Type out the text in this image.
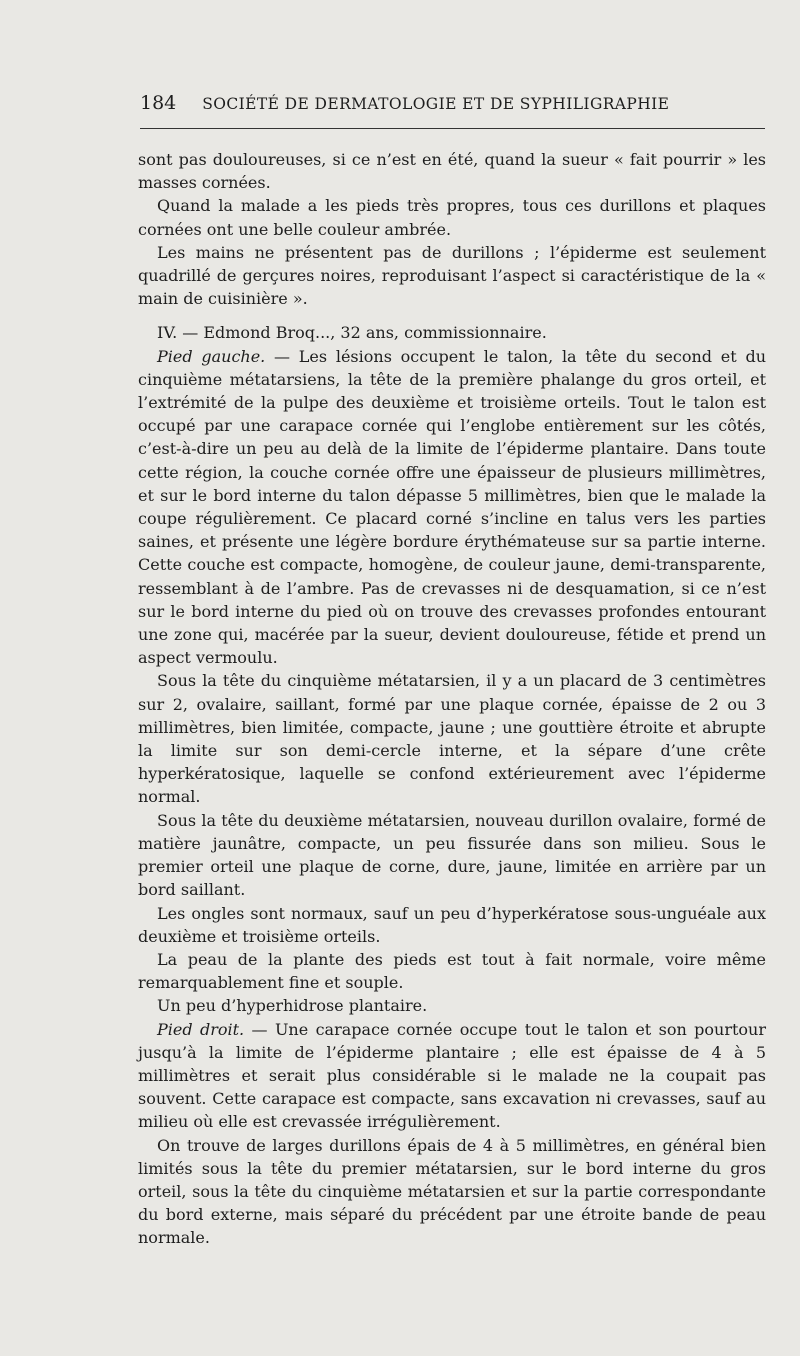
184 SOCIÉTÉ DE DERMATOLOGIE ET DE SYPHILIGRAPHIE

sont pas douloureuses, si ce n’est en été, quand la sueur « fait pourrir » les masses cornées.

Quand la malade a les pieds très propres, tous ces durillons et plaques cornées ont une belle couleur ambrée.

Les mains ne présentent pas de durillons ; l’épiderme est seulement quadrillé de gerçures noires, reproduisant l’aspect si caractéristique de la « main de cuisinière ».

IV. — Edmond Broq..., 32 ans, commissionnaire.

Pied gauche. — Les lésions occupent le talon, la tête du second et du cinquième métatarsiens, la tête de la première phalange du gros orteil, et l’extrémité de la pulpe des deuxième et troisième orteils. Tout le talon est occupé par une carapace cornée qui l’englobe entièrement sur les côtés, c’est-à-dire un peu au delà de la limite de l’épiderme plantaire. Dans toute cette région, la couche cornée offre une épaisseur de plusieurs millimètres, et sur le bord interne du talon dépasse 5 millimètres, bien que le malade la coupe régulièrement. Ce placard corné s’incline en talus vers les parties saines, et présente une légère bordure érythémateuse sur sa partie interne. Cette couche est compacte, homogène, de couleur jaune, demi-transparente, ressemblant à de l’ambre. Pas de crevasses ni de desquamation, si ce n’est sur le bord interne du pied où on trouve des crevasses profondes entourant une zone qui, macérée par la sueur, devient douloureuse, fétide et prend un aspect vermoulu.

Sous la tête du cinquième métatarsien, il y a un placard de 3 centimètres sur 2, ovalaire, saillant, formé par une plaque cornée, épaisse de 2 ou 3 millimètres, bien limitée, compacte, jaune ; une gouttière étroite et abrupte la limite sur son demi-cercle interne, et la sépare d’une crête hyperkératosique, laquelle se confond extérieurement avec l’épiderme normal.

Sous la tête du deuxième métatarsien, nouveau durillon ovalaire, formé de matière jaunâtre, compacte, un peu fissurée dans son milieu. Sous le premier orteil une plaque de corne, dure, jaune, limitée en arrière par un bord saillant.

Les ongles sont normaux, sauf un peu d’hyperkératose sous-unguéale aux deuxième et troisième orteils.

La peau de la plante des pieds est tout à fait normale, voire même remarquablement fine et souple.

Un peu d’hyperhidrose plantaire.

Pied droit. — Une carapace cornée occupe tout le talon et son pourtour jusqu’à la limite de l’épiderme plantaire ; elle est épaisse de 4 à 5 millimètres et serait plus considérable si le malade ne la coupait pas souvent. Cette carapace est compacte, sans excavation ni crevasses, sauf au milieu où elle est crevassée irrégulièrement.

On trouve de larges durillons épais de 4 à 5 millimètres, en général bien limités sous la tête du premier métatarsien, sur le bord interne du gros orteil, sous la tête du cinquième métatarsien et sur la partie correspondante du bord externe, mais séparé du précédent par une étroite bande de peau normale.
